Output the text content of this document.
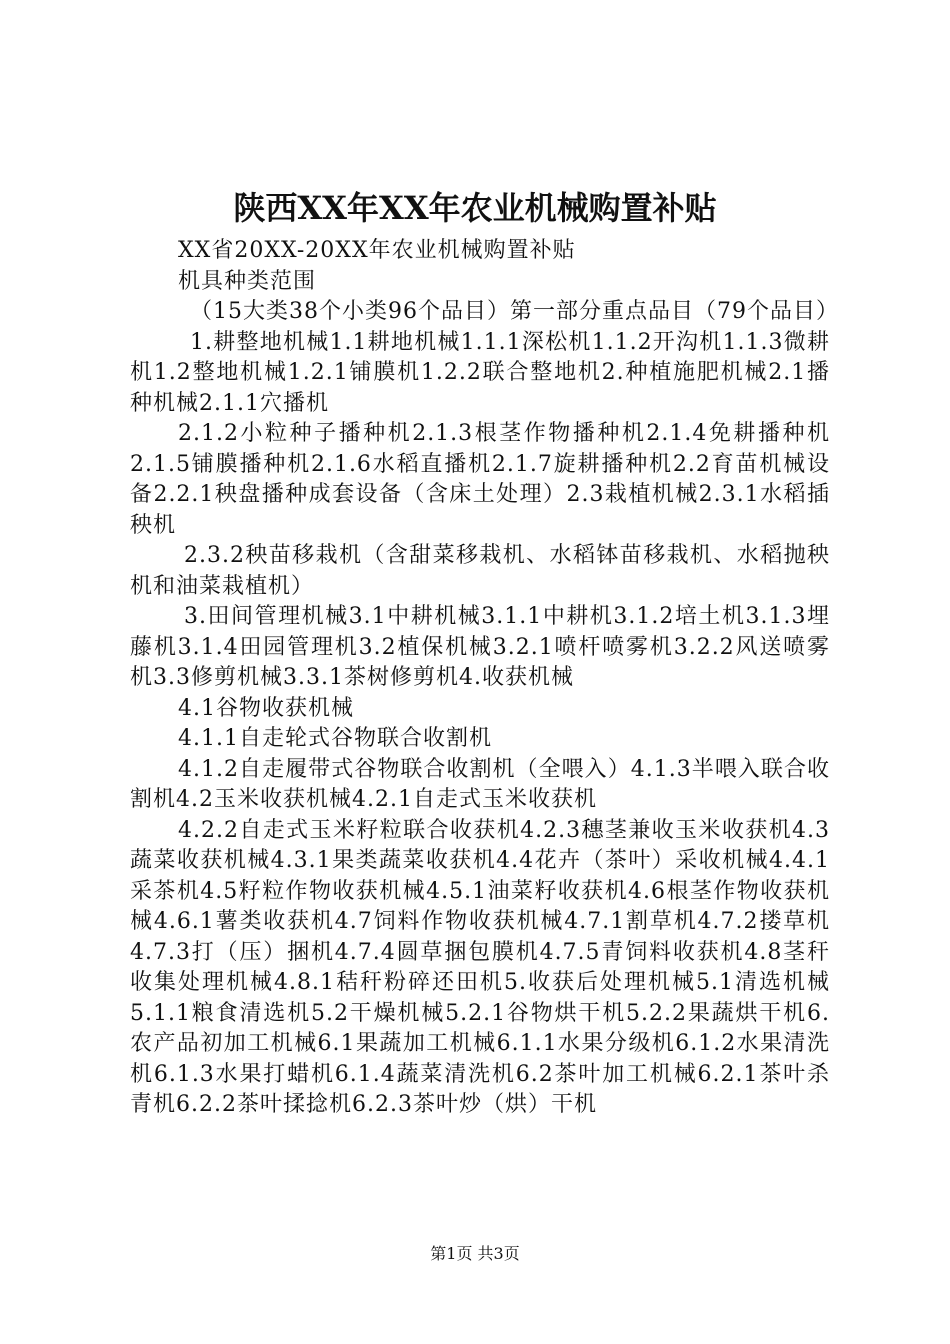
陕西XX年XX年农业机械购置补贴

XX省20XX-20XX年农业机械购置补贴

机具种类范围

（15大类38个小类96个品目）第一部分重点品目（79个品目）

1.耕整地机械1.1耕地机械1.1.1深松机1.1.2开沟机1.1.3微耕机1.2整地机械1.2.1铺膜机1.2.2联合整地机2.种植施肥机械2.1播种机械2.1.1穴播机

2.1.2小粒种子播种机2.1.3根茎作物播种机2.1.4免耕播种机2.1.5铺膜播种机2.1.6水稻直播机2.1.7旋耕播种机2.2育苗机械设备2.2.1秧盘播种成套设备（含床土处理）2.3栽植机械2.3.1水稻插秧机

2.3.2秧苗移栽机（含甜菜移栽机、水稻钵苗移栽机、水稻抛秧机和油菜栽植机）

3.田间管理机械3.1中耕机械3.1.1中耕机3.1.2培土机3.1.3埋藤机3.1.4田园管理机3.2植保机械3.2.1喷杆喷雾机3.2.2风送喷雾机3.3修剪机械3.3.1茶树修剪机4.收获机械

4.1谷物收获机械

4.1.1自走轮式谷物联合收割机

4.1.2自走履带式谷物联合收割机（全喂入）4.1.3半喂入联合收割机4.2玉米收获机械4.2.1自走式玉米收获机

4.2.2自走式玉米籽粒联合收获机4.2.3穗茎兼收玉米收获机4.3蔬菜收获机械4.3.1果类蔬菜收获机4.4花卉（茶叶）采收机械4.4.1采茶机4.5籽粒作物收获机械4.5.1油菜籽收获机4.6根茎作物收获机械4.6.1薯类收获机4.7饲料作物收获机械4.7.1割草机4.7.2搂草机4.7.3打（压）捆机4.7.4圆草捆包膜机4.7.5青饲料收获机4.8茎秆收集处理机械4.8.1秸秆粉碎还田机5.收获后处理机械5.1清选机械5.1.1粮食清选机5.2干燥机械5.2.1谷物烘干机5.2.2果蔬烘干机6.农产品初加工机械6.1果蔬加工机械6.1.1水果分级机6.1.2水果清洗机6.1.3水果打蜡机6.1.4蔬菜清洗机6.2茶叶加工机械6.2.1茶叶杀青机6.2.2茶叶揉捻机6.2.3茶叶炒（烘）干机

第1页 共3页
